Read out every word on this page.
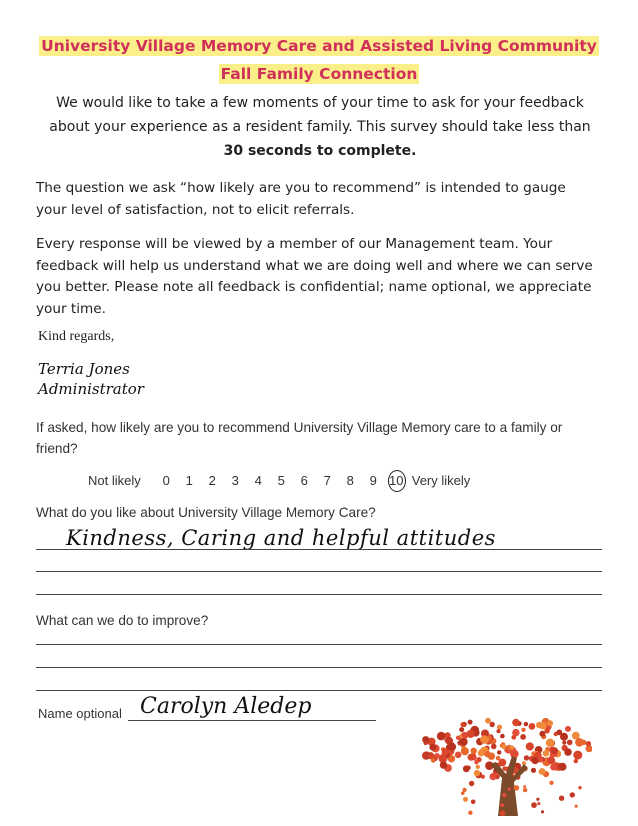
University Village Memory Care and Assisted Living Community
Fall Family Connection
We would like to take a few moments of your time to ask for your feedback
about your experience as a resident family. This survey should take less than
30 seconds to complete.
The question we ask “how likely are you to recommend” is intended to gauge your level of satisfaction, not to elicit referrals.
Every response will be viewed by a member of our Management team. Your feedback will help us understand what we are doing well and where we can serve you better. Please note all feedback is confidential; name optional, we appreciate your time.
Kind regards,
Terria Jones
Administrator
If asked, how likely are you to recommend University Village Memory care to a family or friend?
Not likely	0	1	2	3	4	5	6	7	8	9 10 Very likely
What do you like about University Village Memory Care?
Kindness, Caring and helpful attitudes
What can we do to improve?
Name optional Carolyn Aledep
